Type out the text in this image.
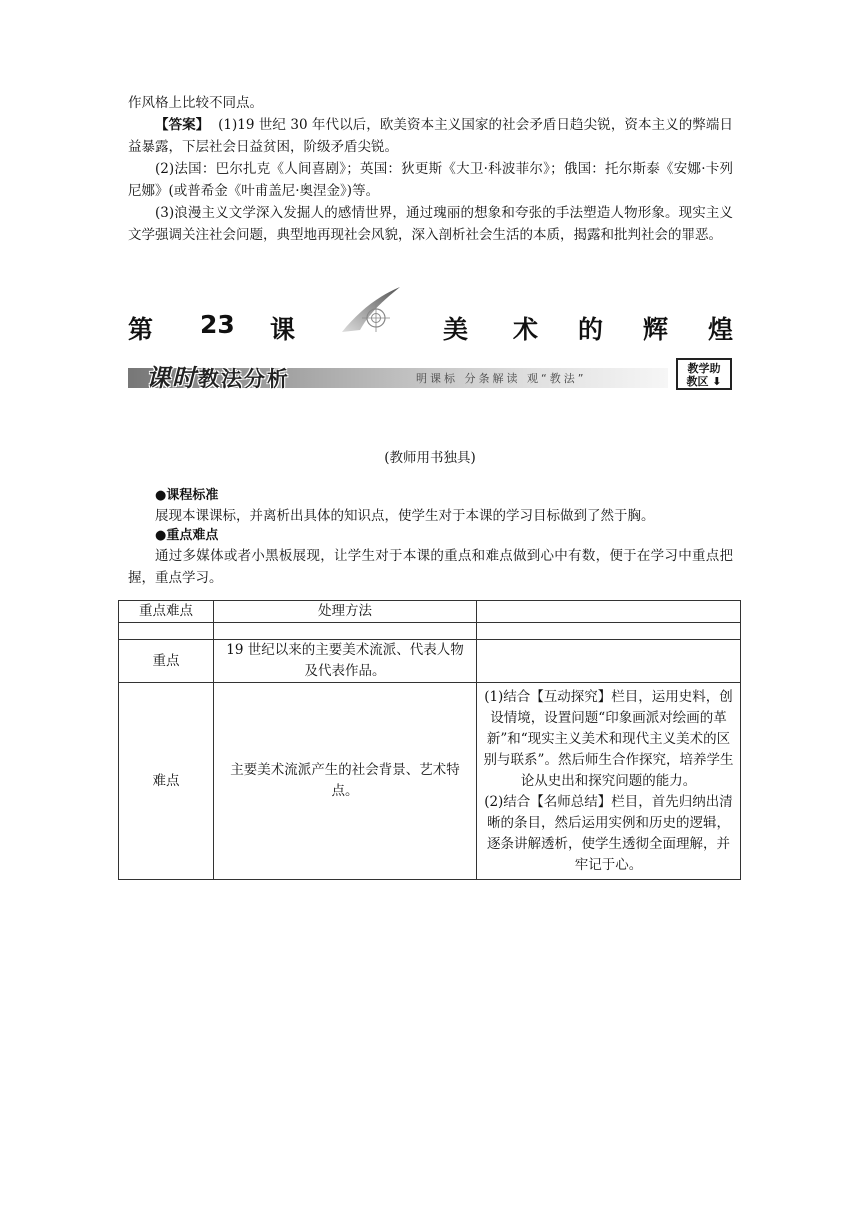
作风格上比较不同点。
【答案】 (1)19 世纪 30 年代以后，欧美资本主义国家的社会矛盾日趋尖锐，资本主义的弊端日益暴露，下层社会日益贫困，阶级矛盾尖锐。
(2)法国：巴尔扎克《人间喜剧》；英国：狄更斯《大卫·科波菲尔》；俄国：托尔斯泰《安娜·卡列尼娜》(或普希金《叶甫盖尼·奥涅金》)等。
(3)浪漫主义文学深入发掘人的感情世界，通过瑰丽的想象和夸张的手法塑造人物形象。现实主义文学强调关注社会问题，典型地再现社会风貌，深入剖析社会生活的本质，揭露和批判社会的罪恶。
第 23 课	美 术 的 辉 煌
课时教法分析	明课标 分条解读 观“教法”
教学助
教区 ⬇
(教师用书独具)
●课程标准
展现本课课标，并离析出具体的知识点，使学生对于本课的学习目标做到了然于胸。
●重点难点
通过多媒体或者小黑板展现，让学生对于本课的重点和难点做到心中有数，便于在学习中重点把握，重点学习。
重点难点	处理方法	

重点	19 世纪以来的主要美术流派、代表人物及代表作品。	
难点	主要美术流派产生的社会背景、艺术特点。	(1)结合【互动探究】栏目，运用史料，创设情境，设置问题“印象画派对绘画的革新”和“现实主义美术和现代主义美术的区别与联系”。然后师生合作探究，培养学生论从史出和探究问题的能力。
(2)结合【名师总结】栏目，首先归纳出清晰的条目，然后运用实例和历史的逻辑，逐条讲解透析，使学生透彻全面理解，并牢记于心。
